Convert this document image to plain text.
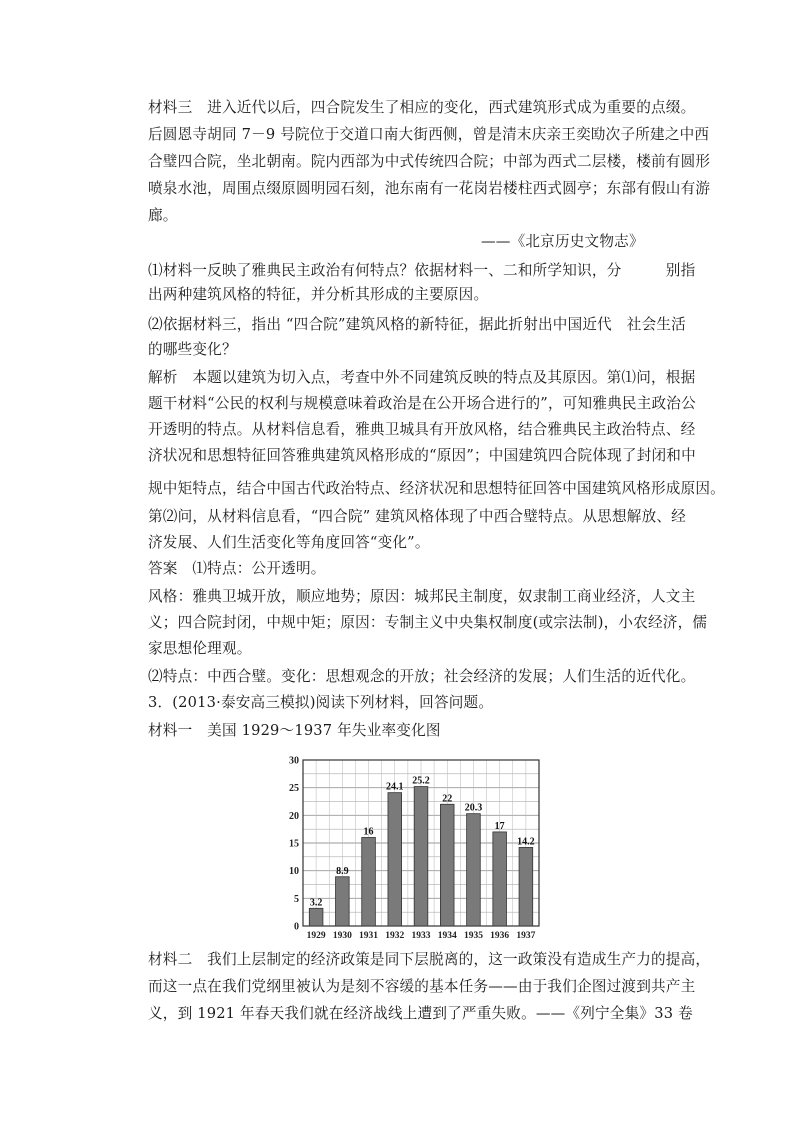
材料三　进入近代以后，四合院发生了相应的变化，西式建筑形式成为重要的点缀。
后圆恩寺胡同 7－9 号院位于交道口南大街西侧，曾是清末庆亲王奕劻次子所建之中西
合璧四合院，坐北朝南。院内西部为中式传统四合院；中部为西式二层楼，楼前有圆形
喷泉水池，周围点缀原圆明园石刻，池东南有一花岗岩楼柱西式圆亭；东部有假山有游
廊。
——《北京历史文物志》
⑴材料一反映了雅典民主政治有何特点？依据材料一、二和所学知识，分　　　别指
出两种建筑风格的特征，并分析其形成的主要原因。
⑵依据材料三，指出 “四合院”建筑风格的新特征，据此折射出中国近代　社会生活
的哪些变化？
解析　本题以建筑为切入点，考查中外不同建筑反映的特点及其原因。第⑴问，根据
题干材料“公民的权利与规模意味着政治是在公开场合进行的”，可知雅典民主政治公
开透明的特点。从材料信息看，雅典卫城具有开放风格，结合雅典民主政治特点、经
济状况和思想特征回答雅典建筑风格形成的“原因”；中国建筑四合院体现了封闭和中
规中矩特点，结合中国古代政治特点、经济状况和思想特征回答中国建筑风格形成原因。
第⑵问，从材料信息看，“四合院” 建筑风格体现了中西合璧特点。从思想解放、经
济发展、人们生活变化等角度回答“变化”。
答案　⑴特点：公开透明。
风格：雅典卫城开放，顺应地势；原因：城邦民主制度，奴隶制工商业经济，人文主
义；四合院封闭，中规中矩；原因：专制主义中央集权制度(或宗法制)，小农经济，儒
家思想伦理观。
⑵特点：中西合璧。变化：思想观念的开放；社会经济的发展；人们生活的近代化。
3．(2013·泰安高三模拟)阅读下列材料，回答问题。
材料一　美国 1929～1937 年失业率变化图
0
5
10
15
20
25
30
3.2
1929
8.9
1930
16
1931
24.1
1932
25.2
1933
22
1934
20.3
1935
17
1936
14.2
1937
材料二　我们上层制定的经济政策是同下层脱离的，这一政策没有造成生产力的提高，
而这一点在我们党纲里被认为是刻不容缓的基本任务——由于我们企图过渡到共产主
义，到 1921 年春天我们就在经济战线上遭到了严重失败。——《列宁全集》33 卷
